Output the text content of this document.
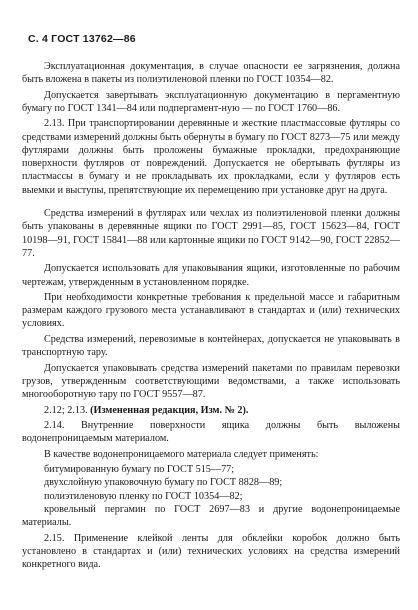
С. 4 ГОСТ 13762—86

Эксплуатационная документация, в случае опасности ее загрязнения, должна быть вложена в пакеты из полиэтиленовой пленки по ГОСТ 10354—82.

Допускается завертывать эксплуатационную документацию в пергаментную бумагу по ГОСТ 1341—84 или подпергамент-ную — по ГОСТ 1760—86.

2.13. При транспортировании деревянные и жесткие пластмассовые футляры со средствами измерений должны быть обернуты в бумагу по ГОСТ 8273—75 или между футлярами должны быть проложены бумажные прокладки, предохраняющие поверхности футляров от повреждений. Допускается не обертывать футляры из пластмассы в бумагу и не прокладывать их прокладками, если у футляров есть выемки и выступы, препятствующие их перемещению при установке друг на друга.

Средства измерений в футлярах или чехлах из полиэтиленовой пленки должны быть упакованы в деревянные ящики по ГОСТ 2991—85, ГОСТ 15623—84, ГОСТ 10198—91, ГОСТ 15841—88 или картонные ящики по ГОСТ 9142—90, ГОСТ 22852—77.

Допускается использовать для упаковывания ящики, изготовленные по рабочим чертежам, утвержденным в установленном порядке.

При необходимости конкретные требования к предельной массе и габаритным размерам каждого грузового места устанавливают в стандартах и (или) технических условиях.

Средства измерений, перевозимые в контейнерах, допускается не упаковывать в транспортную тару.

Допускается упаковывать средства измерений пакетами по правилам перевозки грузов, утвержденным соответствующими ведомствами, а также использовать многооборотную тару по ГОСТ 9557—87.

2.12; 2.13. (Измененная редакция, Изм. № 2).

2.14. Внутренние поверхности ящика должны быть выложены водонепроницаемым материалом.

В качестве водонепроницаемого материала следует применять:

битумированную бумагу по ГОСТ 515—77;

двухслойную упаковочную бумагу по ГОСТ 8828—89;

полиэтиленовую пленку по ГОСТ 10354—82;

кровельный пергамин по ГОСТ 2697—83 и другие водонепроницаемые материалы.

2.15. Применение клейкой ленты для обклейки коробок должно быть установлено в стандартах и (или) технических условиях на средства измерений конкретного вида.
